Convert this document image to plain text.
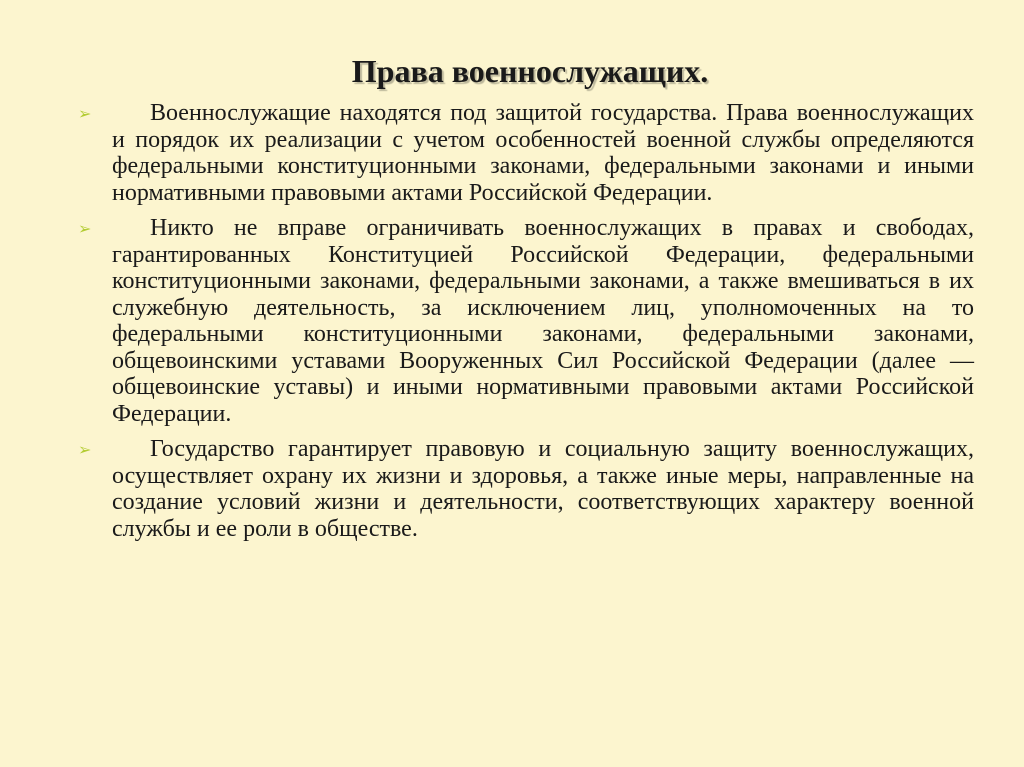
Права военнослужащих.
➢	Военнослужащие находятся под защитой государства. Права военнослужащих и порядок их реализации с учетом особенностей военной службы определяются федеральными конституционными законами, федеральными законами и иными нормативными правовыми актами Российской Федерации.
➢	Никто не вправе ограничивать военнослужащих в правах и свободах, гарантированных Конституцией Российской Федерации, федеральными конституционными законами, федеральными законами, а также вмешиваться в их служебную деятельность, за исключением лиц, уполномоченных на то федеральными конституционными законами, федеральными законами, общевоинскими уставами Вооруженных Сил Российской Федерации (далее — общевоинские уставы) и иными нормативными правовыми актами Российской Федерации.
➢	Государство гарантирует правовую и социальную защиту военнослужащих, осуществляет охрану их жизни и здоровья, а также иные меры, направленные на создание условий жизни и деятельности, соответствующих характеру военной службы и ее роли в обществе.
